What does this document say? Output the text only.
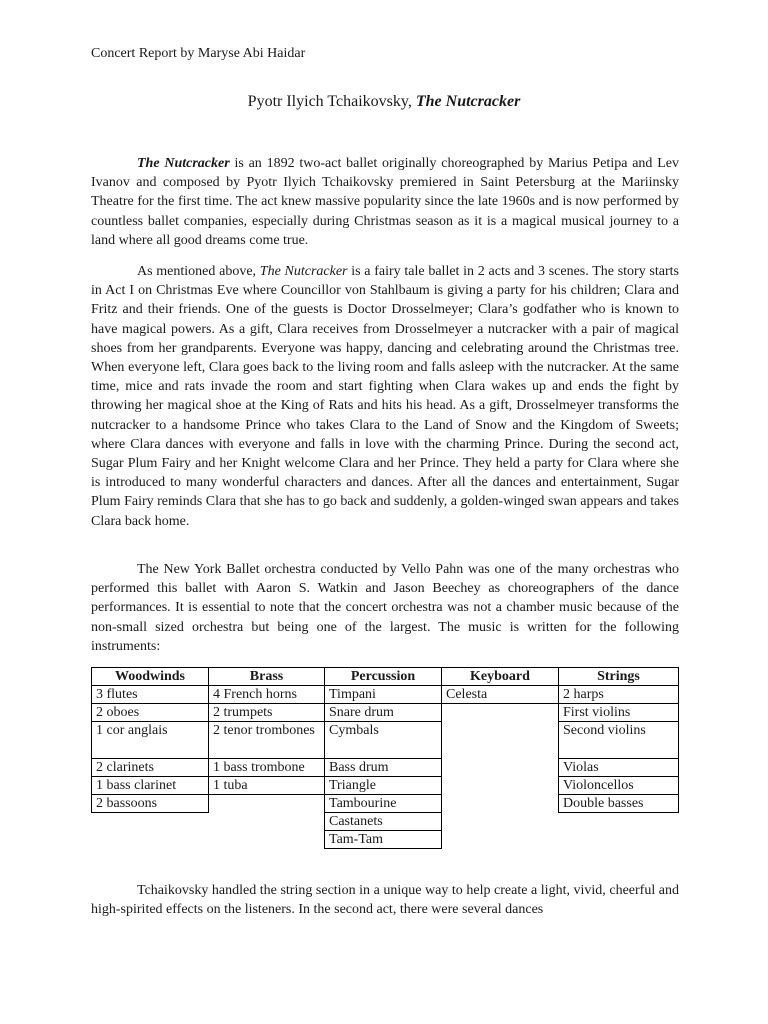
Concert Report by Maryse Abi Haidar
Pyotr Ilyich Tchaikovsky, The Nutcracker

The Nutcracker is an 1892 two-act ballet originally choreographed by Marius Petipa and Lev Ivanov and composed by Pyotr Ilyich Tchaikovsky premiered in Saint Petersburg at the Mariinsky Theatre for the first time. The act knew massive popularity since the late 1960s and is now performed by countless ballet companies, especially during Christmas season as it is a magical musical journey to a land where all good dreams come true.

As mentioned above, The Nutcracker is a fairy tale ballet in 2 acts and 3 scenes. The story starts in Act I on Christmas Eve where Councillor von Stahlbaum is giving a party for his children; Clara and Fritz and their friends. One of the guests is Doctor Drosselmeyer; Clara’s godfather who is known to have magical powers. As a gift, Clara receives from Drosselmeyer a nutcracker with a pair of magical shoes from her grandparents. Everyone was happy, dancing and celebrating around the Christmas tree. When everyone left, Clara goes back to the living room and falls asleep with the nutcracker. At the same time, mice and rats invade the room and start fighting when Clara wakes up and ends the fight by throwing her magical shoe at the King of Rats and hits his head. As a gift, Drosselmeyer transforms the nutcracker to a handsome Prince who takes Clara to the Land of Snow and the Kingdom of Sweets; where Clara dances with everyone and falls in love with the charming Prince. During the second act, Sugar Plum Fairy and her Knight welcome Clara and her Prince. They held a party for Clara where she is introduced to many wonderful characters and dances. After all the dances and entertainment, Sugar Plum Fairy reminds Clara that she has to go back and suddenly, a golden-winged swan appears and takes Clara back home.

The New York Ballet orchestra conducted by Vello Pahn was one of the many orchestras who performed this ballet with Aaron S. Watkin and Jason Beechey as choreographers of the dance performances. It is essential to note that the concert orchestra was not a chamber music because of the non-small sized orchestra but being one of the largest. The music is written for the following instruments:

Woodwinds
3 flutes
2 oboes
1 cor anglais
2 clarinets
1 bass clarinet
2 bassoons
Brass
4 French horns
2 trumpets
2 tenor trombones
1 bass trombone
1 tuba
Percussion
Timpani
Snare drum
Cymbals
Bass drum
Triangle
Tambourine
Castanets
Tam-Tam
Keyboard
Celesta
Strings
2 harps
First violins
Second violins
Violas
Violoncellos
Double basses

Tchaikovsky handled the string section in a unique way to help create a light, vivid, cheerful and high-spirited effects on the listeners. In the second act, there were several dances
